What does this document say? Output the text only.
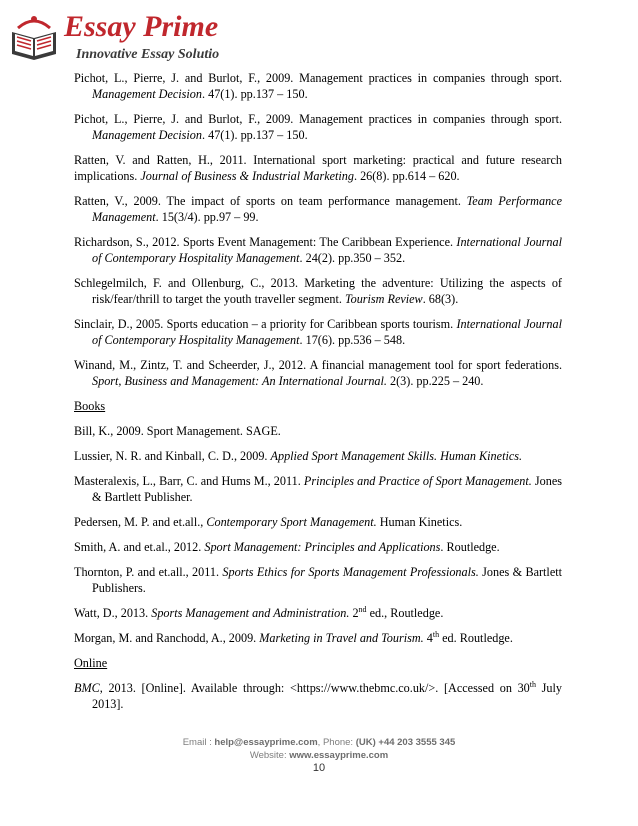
Essay Prime
Innovative Essay Solutions
Pichot, L., Pierre, J. and Burlot, F., 2009. Management practices in companies through sport. Management Decision. 47(1). pp.137 – 150.
Pichot, L., Pierre, J. and Burlot, F., 2009. Management practices in companies through sport. Management Decision. 47(1). pp.137 – 150.
Ratten, V. and Ratten, H., 2011. International sport marketing: practical and future research implications. Journal of Business & Industrial Marketing. 26(8). pp.614 – 620.
Ratten, V., 2009. The impact of sports on team performance management. Team Performance Management. 15(3/4). pp.97 – 99.
Richardson, S., 2012. Sports Event Management: The Caribbean Experience. International Journal of Contemporary Hospitality Management. 24(2). pp.350 – 352.
Schlegelmilch, F. and Ollenburg, C., 2013. Marketing the adventure: Utilizing the aspects of risk/fear/thrill to target the youth traveller segment. Tourism Review. 68(3).
Sinclair, D., 2005. Sports education – a priority for Caribbean sports tourism. International Journal of Contemporary Hospitality Management. 17(6). pp.536 – 548.
Winand, M., Zintz, T. and Scheerder, J., 2012. A financial management tool for sport federations. Sport, Business and Management: An International Journal. 2(3). pp.225 – 240.
Books
Bill, K., 2009. Sport Management. SAGE.
Lussier, N. R. and Kinball, C. D., 2009. Applied Sport Management Skills. Human Kinetics.
Masteralexis, L., Barr, C. and Hums M., 2011. Principles and Practice of Sport Management. Jones & Bartlett Publisher.
Pedersen, M. P. and et.all., Contemporary Sport Management. Human Kinetics.
Smith, A. and et.al., 2012. Sport Management: Principles and Applications. Routledge.
Thornton, P. and et.all., 2011. Sports Ethics for Sports Management Professionals. Jones & Bartlett Publishers.
Watt, D., 2013. Sports Management and Administration. 2nd ed., Routledge.
Morgan, M. and Ranchodd, A., 2009. Marketing in Travel and Tourism. 4th ed. Routledge.
Online
BMC, 2013. [Online]. Available through: <https://www.thebmc.co.uk/>. [Accessed on 30th July 2013].
Email : help@essayprime.com, Phone: (UK) +44 203 3555 345
Website: www.essayprime.com
10
